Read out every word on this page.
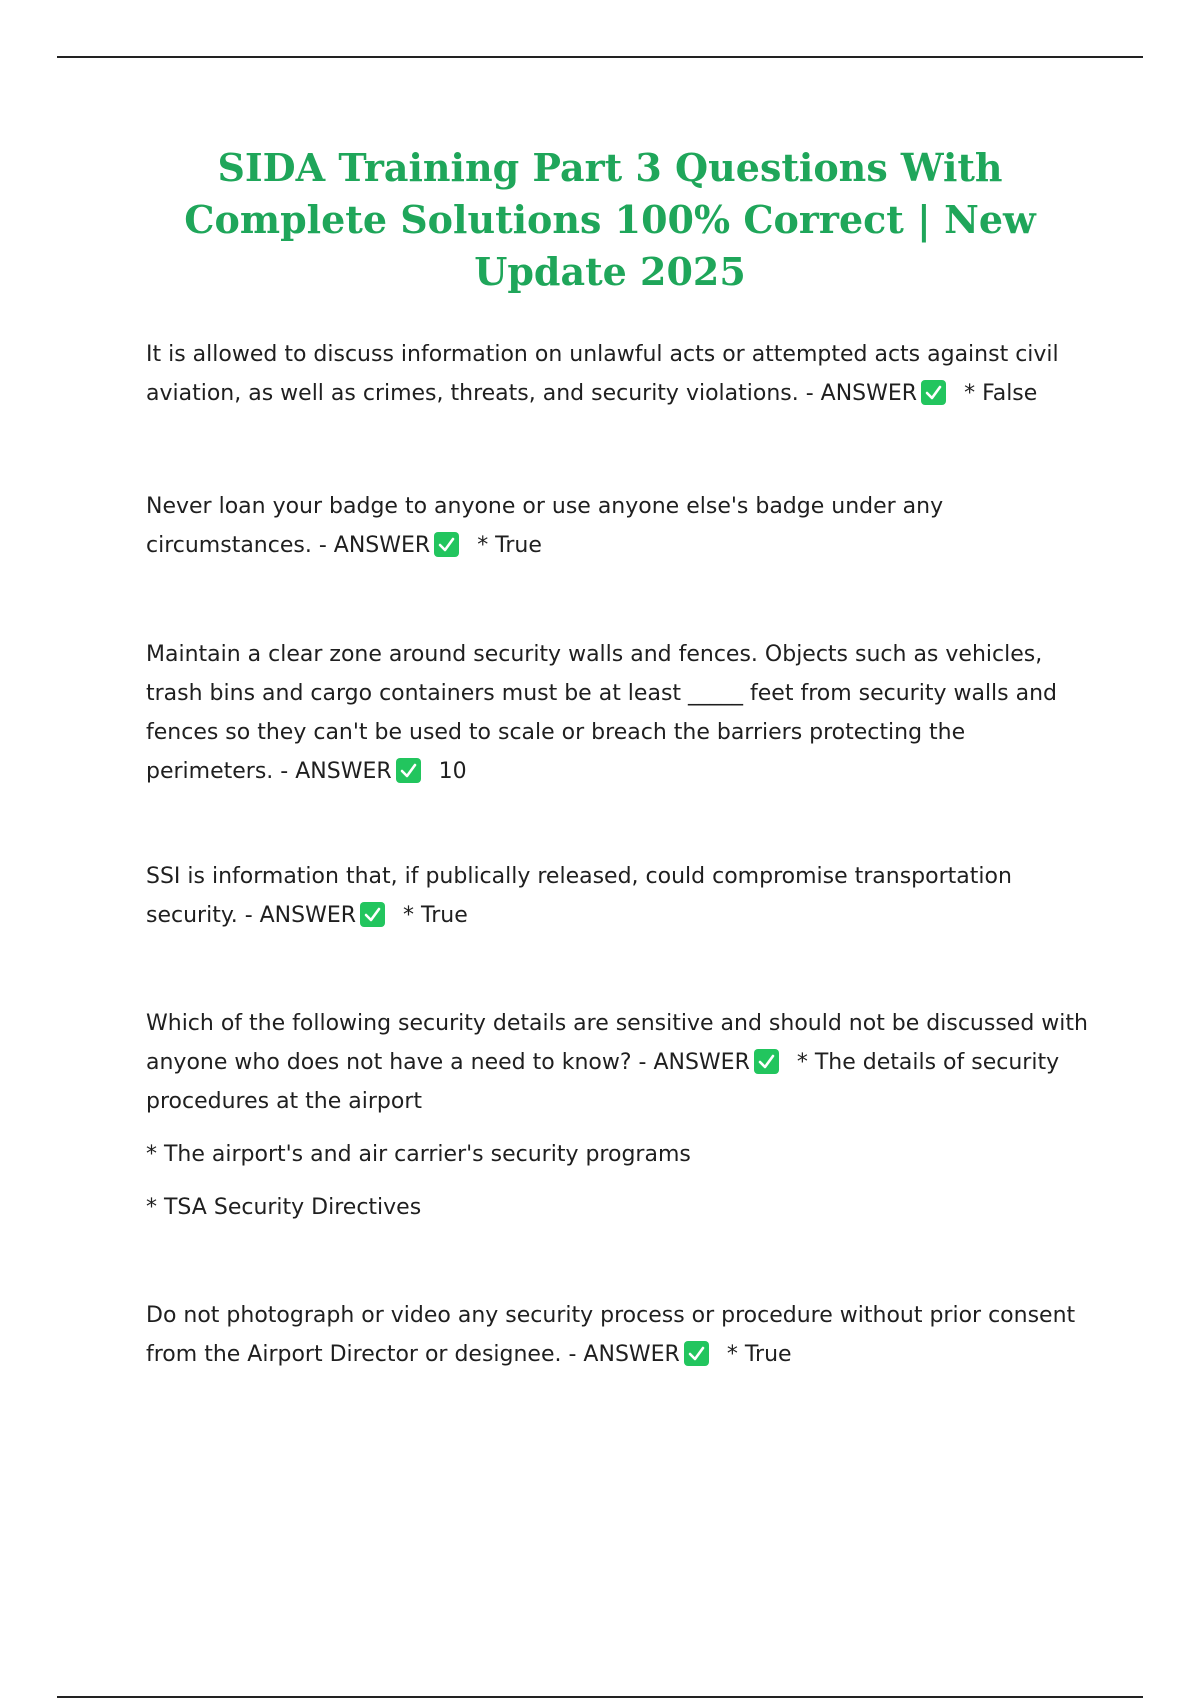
SIDA Training Part 3 Questions With Complete Solutions 100% Correct | New Update 2025

It is allowed to discuss information on unlawful acts or attempted acts against civil aviation, as well as crimes, threats, and security violations. - ANSWER * False

Never loan your badge to anyone or use anyone else's badge under any circumstances. - ANSWER * True

Maintain a clear zone around security walls and fences. Objects such as vehicles, trash bins and cargo containers must be at least _____ feet from security walls and fences so they can't be used to scale or breach the barriers protecting the perimeters. - ANSWER 10

SSI is information that, if publically released, could compromise transportation security. - ANSWER * True

Which of the following security details are sensitive and should not be discussed with anyone who does not have a need to know? - ANSWER * The details of security procedures at the airport

* The airport's and air carrier's security programs

* TSA Security Directives

Do not photograph or video any security process or procedure without prior consent from the Airport Director or designee. - ANSWER * True
